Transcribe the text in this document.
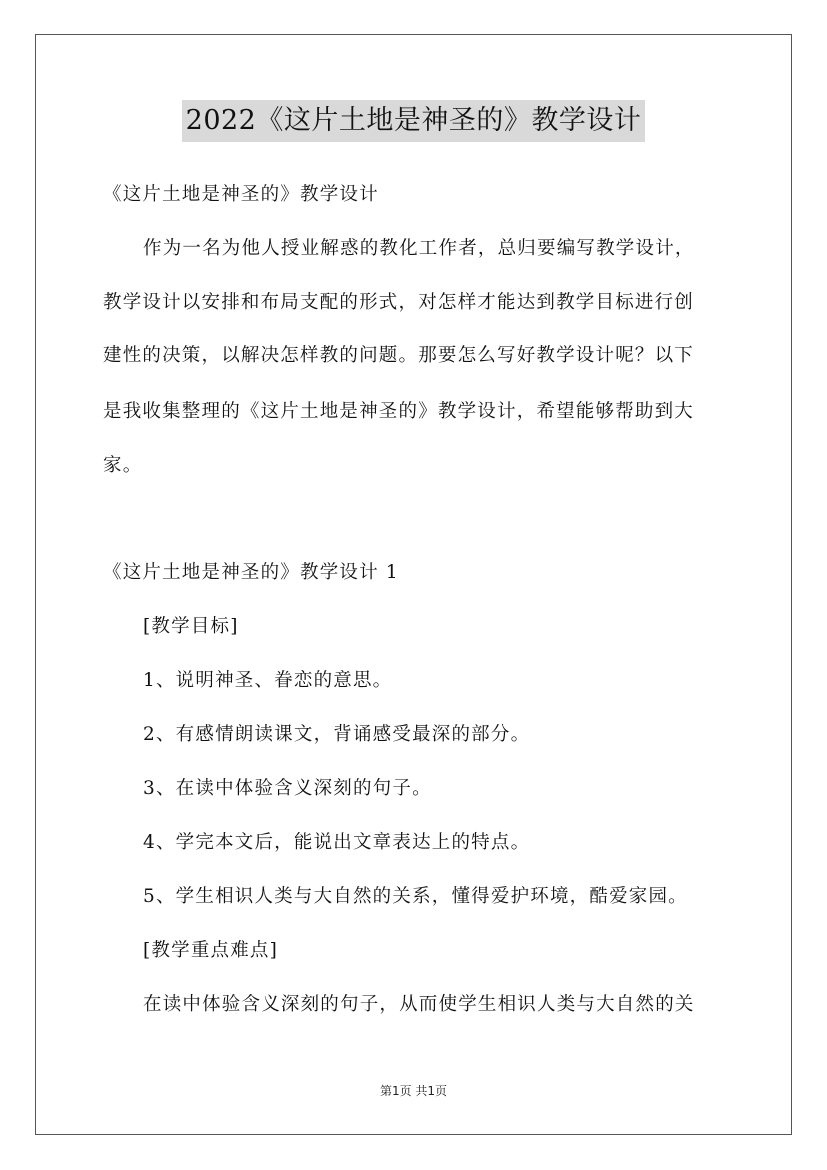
2022《这片土地是神圣的》教学设计
《这片土地是神圣的》教学设计
作为一名为他人授业解惑的教化工作者，总归要编写教学设计，
教学设计以安排和布局支配的形式，对怎样才能达到教学目标进行创
建性的决策，以解决怎样教的问题。那要怎么写好教学设计呢？以下
是我收集整理的《这片土地是神圣的》教学设计，希望能够帮助到大
家。
《这片土地是神圣的》教学设计 1
[教学目标]
1、说明神圣、眷恋的意思。
2、有感情朗读课文，背诵感受最深的部分。
3、在读中体验含义深刻的句子。
4、学完本文后，能说出文章表达上的特点。
5、学生相识人类与大自然的关系，懂得爱护环境，酷爱家园。
[教学重点难点]
在读中体验含义深刻的句子，从而使学生相识人类与大自然的关
第1页 共1页
